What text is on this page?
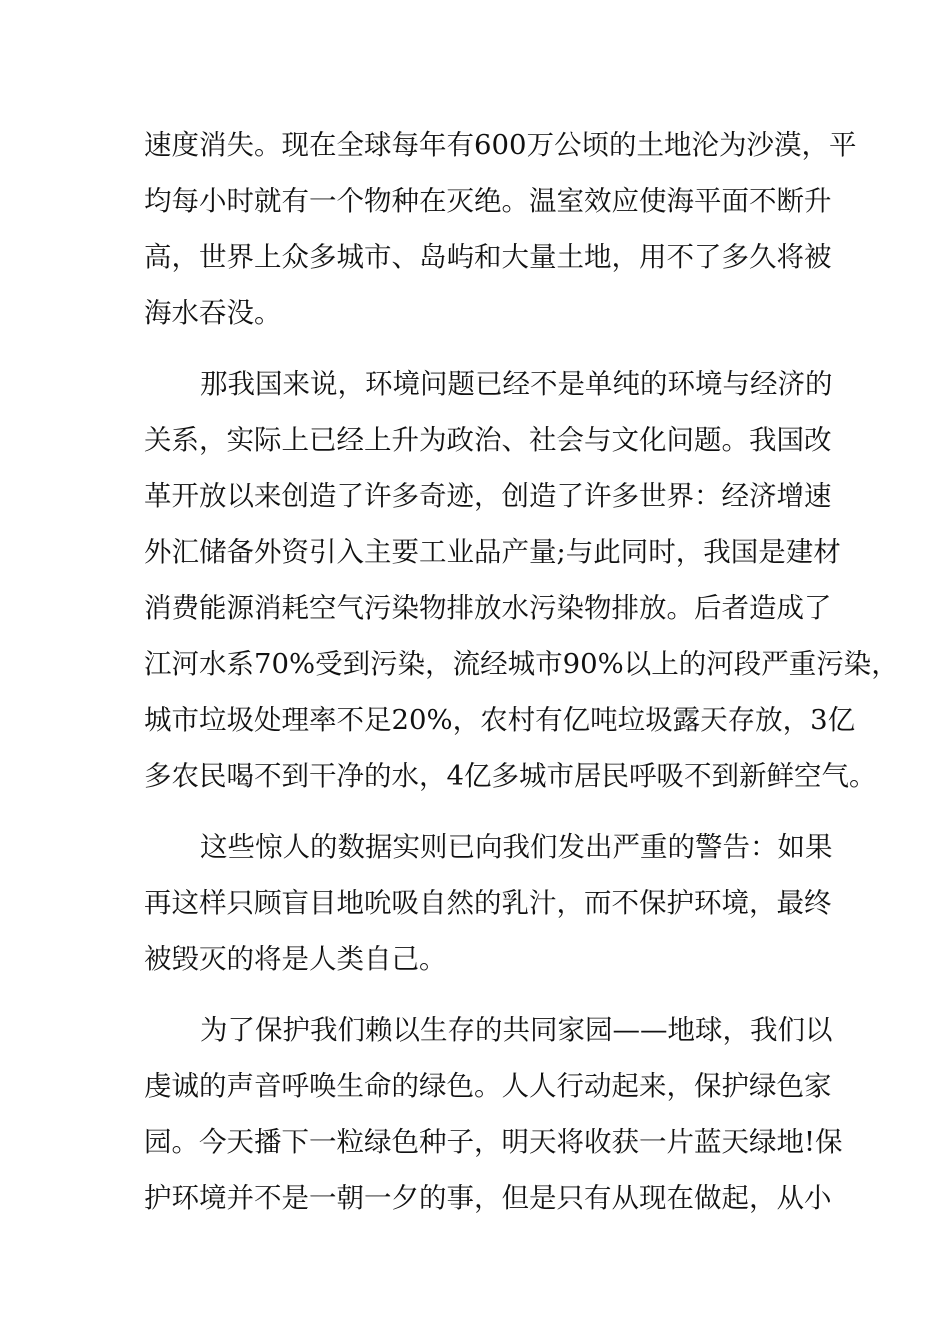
速度消失。现在全球每年有600万公顷的土地沦为沙漠，平
均每小时就有一个物种在灭绝。温室效应使海平面不断升
高，世界上众多城市、岛屿和大量土地，用不了多久将被
海水吞没。
那我国来说，环境问题已经不是单纯的环境与经济的
关系，实际上已经上升为政治、社会与文化问题。我国改
革开放以来创造了许多奇迹，创造了许多世界：经济增速
外汇储备外资引入主要工业品产量;与此同时，我国是建材
消费能源消耗空气污染物排放水污染物排放。后者造成了
江河水系70%受到污染，流经城市90%以上的河段严重污染，
城市垃圾处理率不足20%，农村有亿吨垃圾露天存放，3亿
多农民喝不到干净的水，4亿多城市居民呼吸不到新鲜空气。
这些惊人的数据实则已向我们发出严重的警告：如果
再这样只顾盲目地吮吸自然的乳汁，而不保护环境，最终
被毁灭的将是人类自己。
为了保护我们赖以生存的共同家园——地球，我们以
虔诚的声音呼唤生命的绿色。人人行动起来，保护绿色家
园。今天播下一粒绿色种子，明天将收获一片蓝天绿地!保
护环境并不是一朝一夕的事，但是只有从现在做起，从小
